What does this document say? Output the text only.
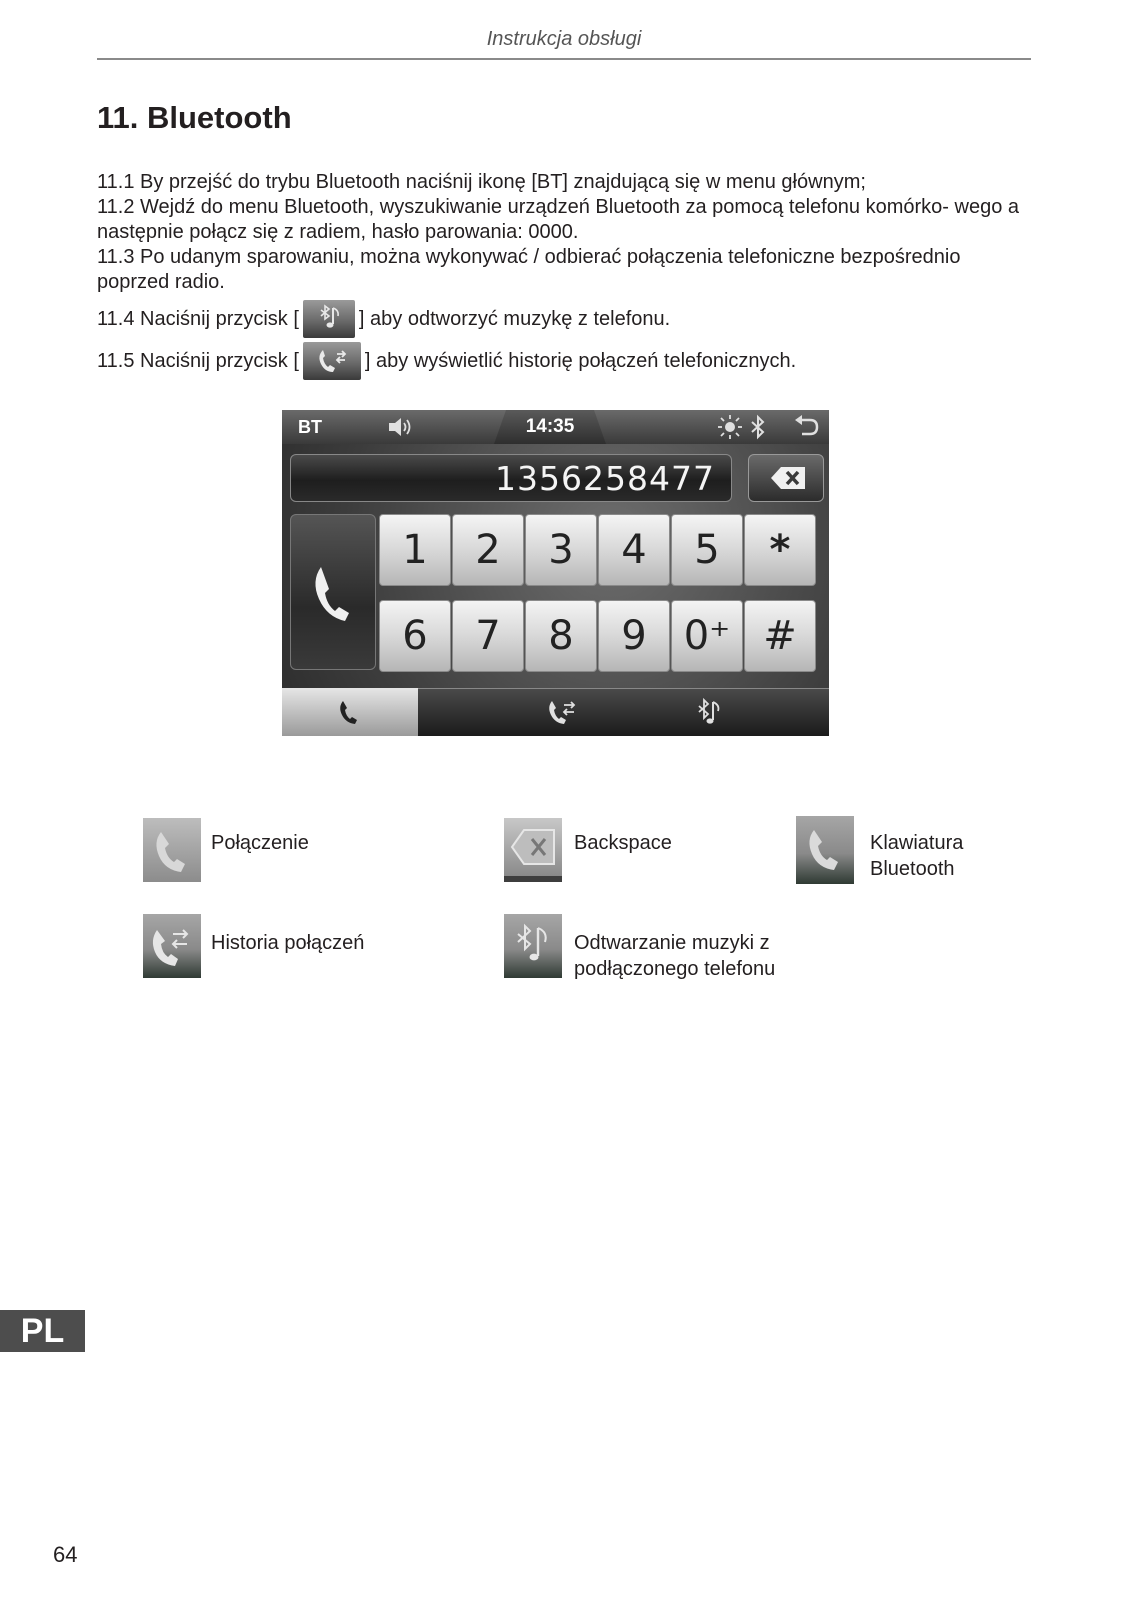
Instrukcja obsługi
11. Bluetooth
11.1 By przejść do trybu Bluetooth naciśnij ikonę [BT] znajdującą się w menu głównym;
11.2 Wejdź do menu Bluetooth, wyszukiwanie urządzeń Bluetooth za pomocą telefonu komórko- wego a następnie połącz się z radiem, hasło parowania: 0000.
11.3 Po udanym sparowaniu, można wykonywać / odbierać połączenia telefoniczne bezpośrednio poprzed radio.
11.4 Naciśnij przycisk [	] aby odtworzyć muzykę z telefonu.
11.5 Naciśnij przycisk [	] aby wyświetlić historię połączeń telefonicznych.
BT	14:35
1356258477
1	2	3	4	5	*
6	7	8	9 0⁺ #
Połączenie	Backspace	Klawiatura
Bluetooth
Historia połączeń	Odtwarzanie muzyki z
podłączonego telefonu
PL
64
